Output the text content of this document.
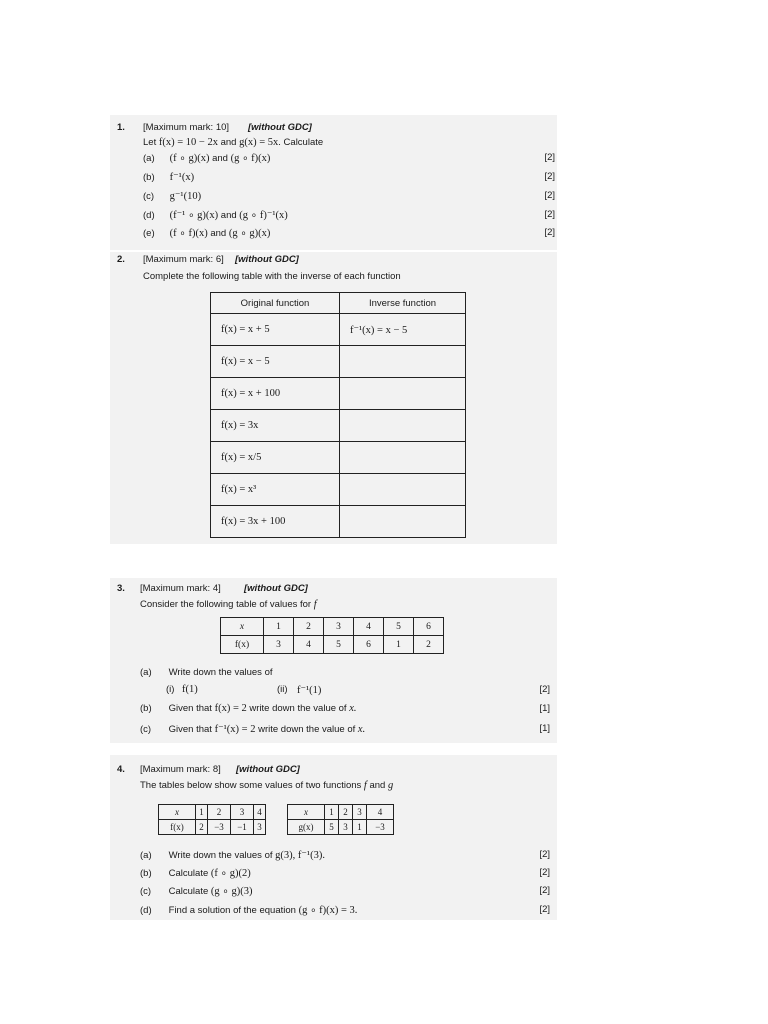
1. [Maximum mark: 10] [without GDC]
Let f(x) = 10 − 2x and g(x) = 5x. Calculate
(a) (f ∘ g)(x) and (g ∘ f)(x)	[2]
(b) f⁻¹(x)	[2]
(c) g⁻¹(10)	[2]
(d) (f⁻¹ ∘ g)(x) and (g ∘ f)⁻¹(x)	[2]
(e) (f ∘ f)(x) and (g ∘ g)(x)	[2]
2. [Maximum mark: 6] [without GDC]
Complete the following table with the inverse of each function
Original function	Inverse function
f(x) = x + 5	f⁻¹(x) = x − 5
f(x) = x − 5	
f(x) = x + 100	
f(x) = 3x	
f(x) = x/5	
f(x) = x³	
f(x) = 3x + 100	
3. [Maximum mark: 4] [without GDC]
Consider the following table of values for f
x	1	2	3	4	5	6
f(x)	3	4	5	6	1	2
(a) Write down the values of
(i) f(1)	(ii) f⁻¹(1)	[2]
(b) Given that f(x) = 2 write down the value of x.	[1]
(c) Given that f⁻¹(x) = 2 write down the value of x.	[1]
4. [Maximum mark: 8] [without GDC]
The tables below show some values of two functions f and g
x	1	2	3	4
f(x)	2	−3	−1	3
x	1	2	3	4
g(x)	5	3	1	−3
(a) Write down the values of g(3), f⁻¹(3).	[2]
(b) Calculate (f ∘ g)(2)	[2]
(c) Calculate (g ∘ g)(3)	[2]
(d) Find a solution of the equation (g ∘ f)(x) = 3.	[2]
